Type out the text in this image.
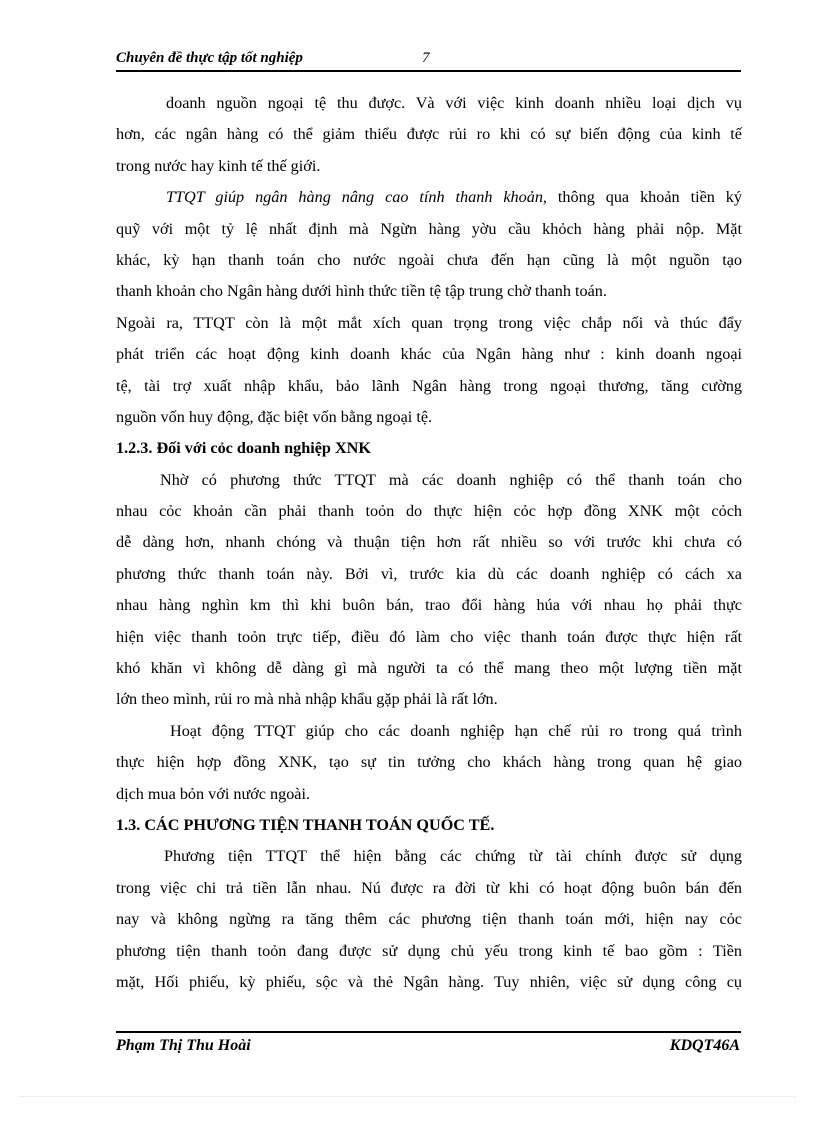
Chuyên đề thực tập tốt nghiệp	7
doanh nguồn ngoại tệ thu được. Và với việc kinh doanh nhiều loại dịch vụ
hơn, các ngân hàng có thể giảm thiểu được rủi ro khi có sự biến động của kinh tế
trong nước hay kinh tế thế giới.
TTQT giúp ngân hàng nâng cao tính thanh khoản, thông qua khoản tiền ký
quỹ với một tỷ lệ nhất định mà Ngừn hàng yờu cầu khỏch hàng phải nộp. Mặt
khác, kỳ hạn thanh toán cho nước ngoài chưa đến hạn cũng là một nguồn tạo
thanh khoản cho Ngân hàng dưới hình thức tiền tệ tập trung chờ thanh toán.
Ngoài ra, TTQT còn là một mắt xích quan trọng trong việc chắp nối và thúc đẩy
phát triển các hoạt động kinh doanh khác của Ngân hàng như : kinh doanh ngoại
tệ, tài trợ xuất nhập khẩu, bảo lãnh Ngân hàng trong ngoại thương, tăng cường
nguồn vốn huy động, đặc biệt vốn bằng ngoại tệ.
1.2.3. Đối với cỏc doanh nghiệp XNK
Nhờ có phương thức TTQT mà các doanh nghiệp có thể thanh toán cho
nhau cỏc khoản cần phải thanh toỏn do thực hiện cỏc hợp đồng XNK một cỏch
dễ dàng hơn, nhanh chóng và thuận tiện hơn rất nhiều so với trước khi chưa có
phương thức thanh toán này. Bởi vì, trước kia dù các doanh nghiệp có cách xa
nhau hàng nghìn km thì khi buôn bán, trao đổi hàng húa với nhau họ phải thực
hiện việc thanh toỏn trực tiếp, điều đó làm cho việc thanh toán được thực hiện rất
khó khăn vì không dễ dàng gì mà người ta có thể mang theo một lượng tiền mặt
lớn theo mình, rủi ro mà nhà nhập khẩu gặp phải là rất lớn.
Hoạt động TTQT giúp cho các doanh nghiệp hạn chế rủi ro trong quá trình
thực hiện hợp đồng XNK, tạo sự tin tưởng cho khách hàng trong quan hệ giao
dịch mua bỏn với nước ngoài.
1.3. CÁC PHƯƠNG TIỆN THANH TOÁN QUỐC TẾ.
Phương tiện TTQT thể hiện bằng các chứng từ tài chính được sử dụng
trong việc chi trả tiền lẫn nhau. Nú được ra đời từ khi có hoạt động buôn bán đến
nay và không ngừng ra tăng thêm các phương tiện thanh toán mới, hiện nay cỏc
phương tiện thanh toỏn đang được sử dụng chủ yếu trong kinh tế bao gồm : Tiền
mặt, Hối phiếu, kỳ phiếu, sộc và thẻ Ngân hàng. Tuy nhiên, việc sử dụng công cụ
Phạm Thị Thu Hoài	KDQT46A
